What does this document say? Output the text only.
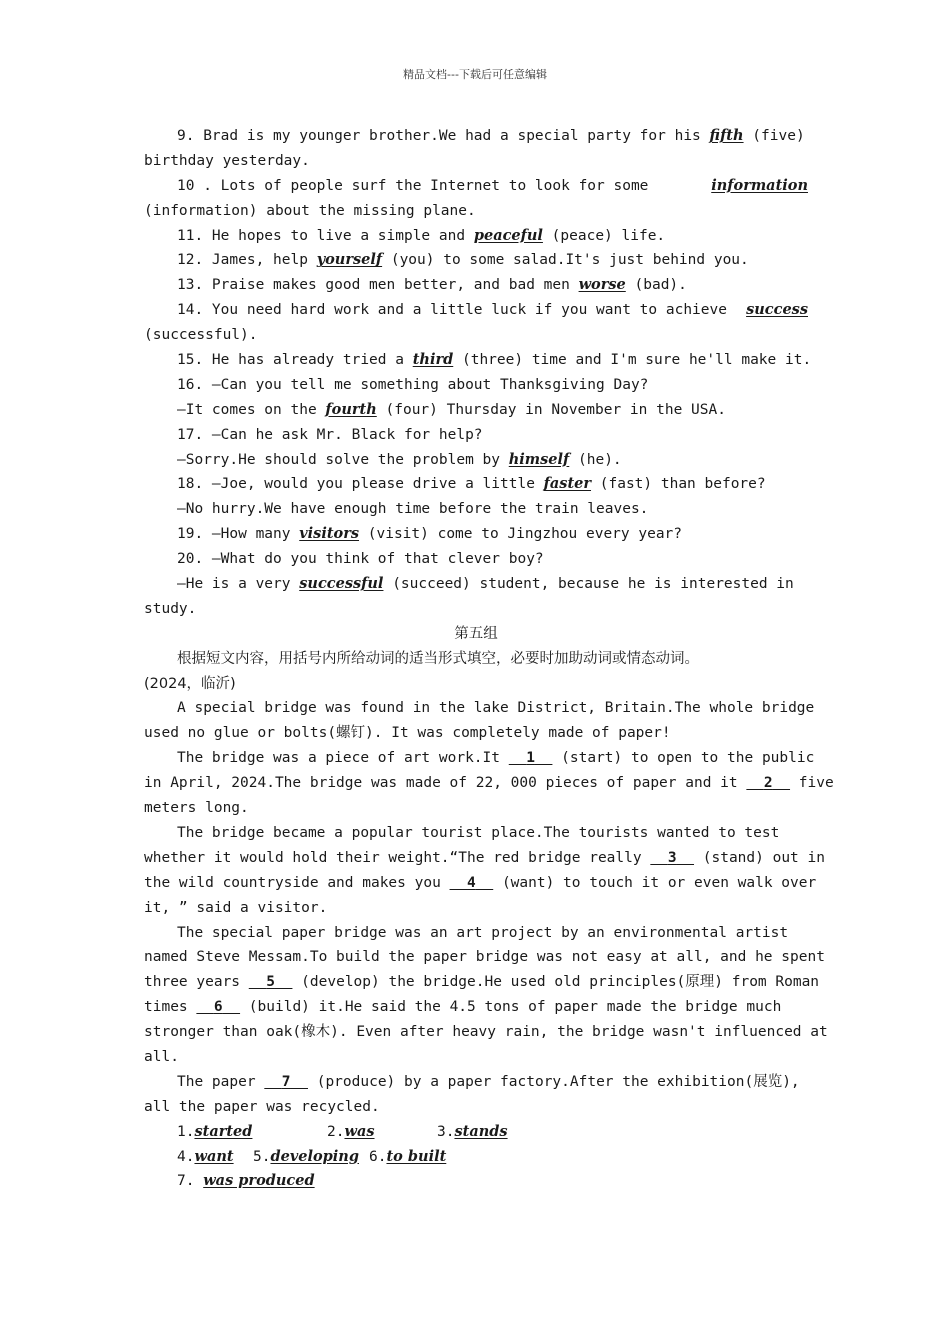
精品文档---下载后可任意编辑
9. Brad is my younger brother.We had a special party for his fifth (five)
birthday yesterday.
10 . Lots of people surf the Internet to look for some	information
(information) about the missing plane.
11. He hopes to live a simple and peaceful (peace) life.
12. James, help yourself (you) to some salad.It's just behind you.
13. Praise makes good men better, and bad men worse (bad).
14. You need hard work and a little luck if you want to achieve success
(successful).
15. He has already tried a third (three) time and I'm sure he'll make it.
16. —Can you tell me something about Thanksgiving Day?
—It comes on the fourth (four) Thursday in November in the USA.
17. —Can he ask Mr. Black for help?
—Sorry.He should solve the problem by himself (he).
18. —Joe, would you please drive a little faster (fast) than before?
—No hurry.We have enough time before the train leaves.
19. —How many visitors (visit) come to Jingzhou every year?
20. —What do you think of that clever boy?
—He is a very successful (succeed) student, because he is interested in
study.
第五组
根据短文内容，用括号内所给动词的适当形式填空，必要时加助动词或情态动词。
(2024，临沂)
A special bridge was found in the lake District, Britain.The whole bridge
used no glue or bolts(螺钉). It was completely made of paper!
The bridge was a piece of art work.It 1 (start) to open to the public
in April, 2024.The bridge was made of 22, 000 pieces of paper and it 2 five
meters long.
The bridge became a popular tourist place.The tourists wanted to test
whether it would hold their weight.“The red bridge really 3 (stand) out in
the wild countryside and makes you 4 (want) to touch it or even walk over
it, ” said a visitor.
The special paper bridge was an art project by an environmental artist
named Steve Messam.To build the paper bridge was not easy at all, and he spent
three years 5 (develop) the bridge.He used old principles(原理) from Roman
times 6 (build) it.He said the 4.5 tons of paper made the bridge much
stronger than oak(橡木). Even after heavy rain, the bridge wasn't influenced at
all.
The paper 7 (produce) by a paper factory.After the exhibition(展览),
all the paper was recycled.
1.started	2.was	3.stands
4.want 5.developing 6.to built
7. was produced
